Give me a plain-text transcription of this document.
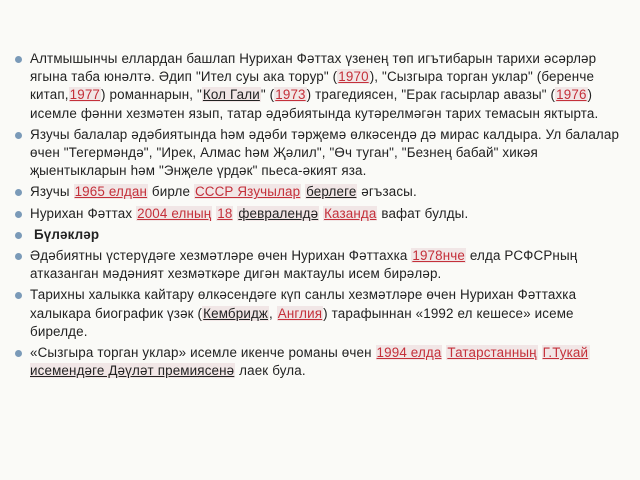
Алтмышынчы еллардан башлап Нурихан Фәттах үзенең төп игътибарын тарихи әсәрләр ягына таба юнәлтә. Әдип "Ител суы ака торур" (1970), "Сызгыра торган уклар" (беренче китап,1977) романнарын, "Кол Гали" (1973) трагедиясен, "Ерак гасырлар авазы" (1976) исемле фәнни хезмәтен язып, татар әдәбиятында кутәрелмәгән тарих темасын яктырта.

Язучы балалар әдәбиятында һәм әдәби тәрҗемә өлкәсендә дә мирас калдыра. Ул балалар өчен "Тегермәндә", "Ирек, Алмас һәм Җәлил", "Өч туган", "Безнең бабай" хикәя җыентыкларын һәм "Энҗеле үрдәк" пьеса-әкият яза.

Язучы 1965 елдан бирле СССР Язучылар берлеге әгъзасы.

Нурихан Фәттах 2004 елның 18 февралендә Казанда вафат булды.

Бүләкләр

Әдәбиятны үстерүдәге хезмәтләре өчен Нурихан Фәттахка 1978нче елда РСФСРның атказанган мәдәният хезмәткәре дигән мактаулы исем бирәләр.

Тарихны халыкка кайтару өлкәсендәге күп санлы хезмәтләре өчен Нурихан Фәттахка халыкара биографик үзәк (Кембридж, Англия) тарафыннан «1992 ел кешесе» исеме бирелде.

«Сызгыра торган уклар» исемле икенче романы өчен 1994 елда Татарстанның Г.Тукай исемендәге Дәүләт премиясенә лаек була.
